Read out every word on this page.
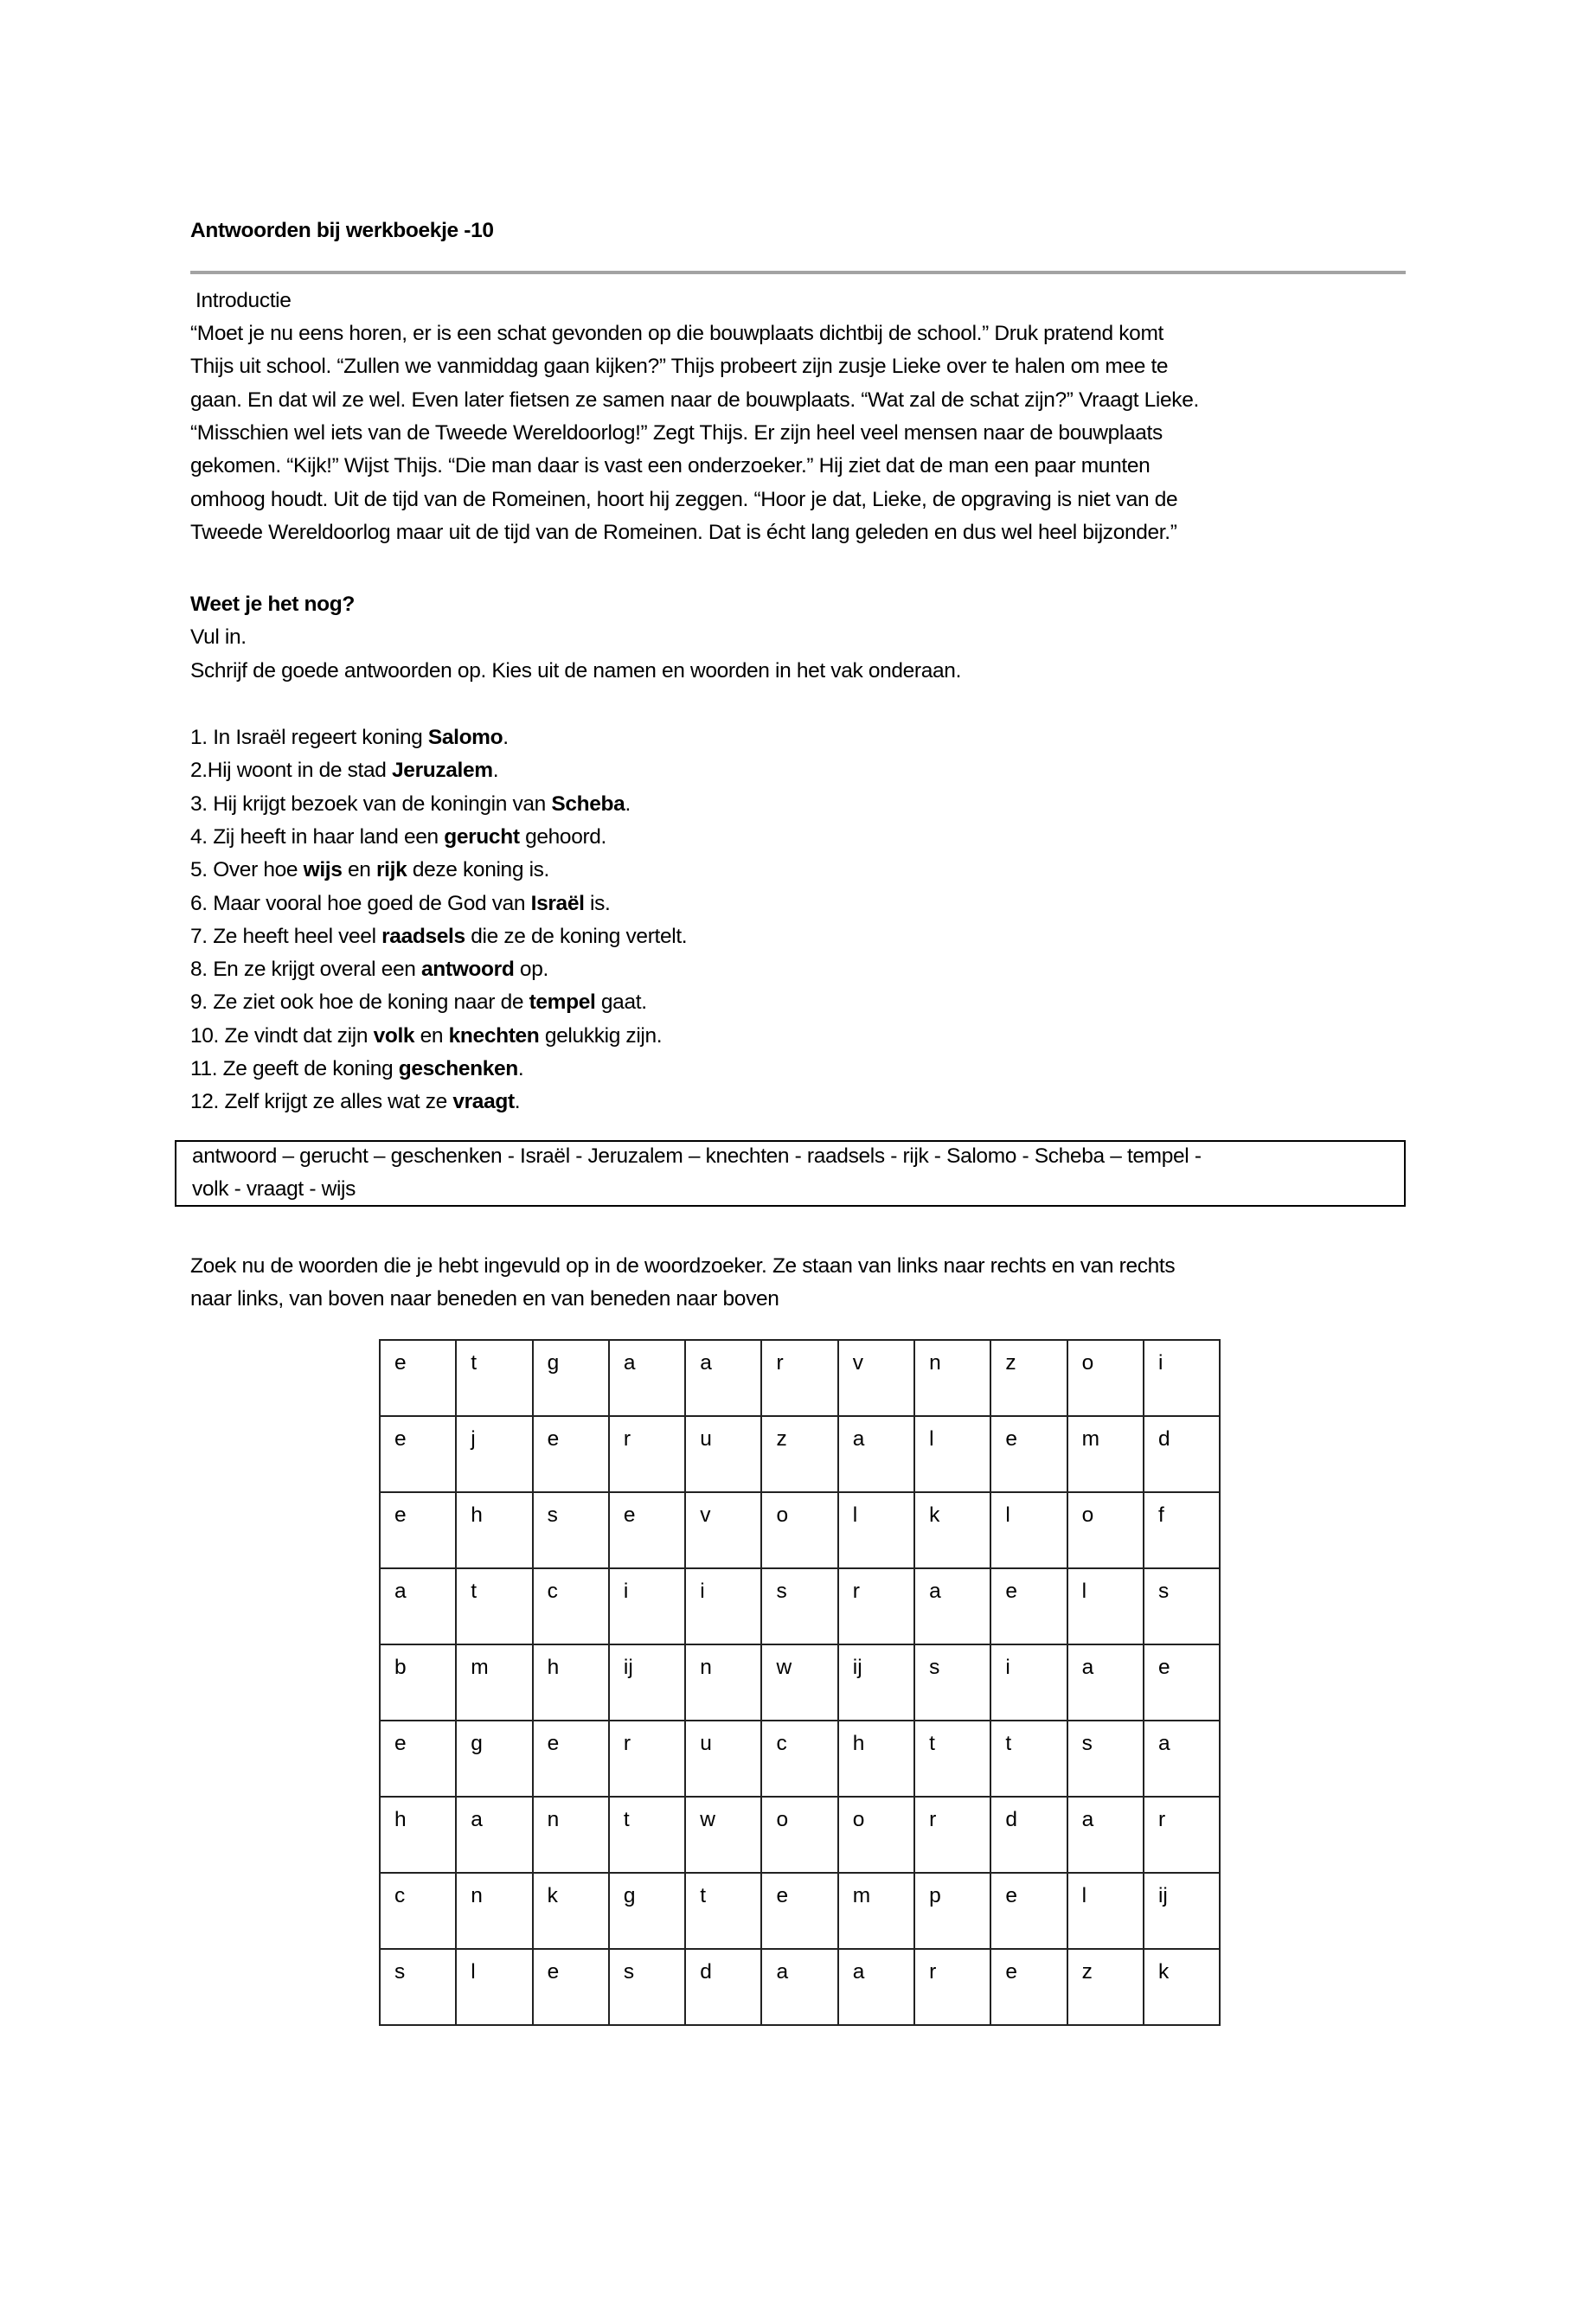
Antwoorden bij werkboekje -10
Introductie
“Moet je nu eens horen, er is een schat gevonden op die bouwplaats dichtbij de school.” Druk pratend komt
Thijs uit school. “Zullen we vanmiddag gaan kijken?” Thijs probeert zijn zusje Lieke over te halen om mee te
gaan. En dat wil ze wel. Even later fietsen ze samen naar de bouwplaats. “Wat zal de schat zijn?” Vraagt Lieke.
“Misschien wel iets van de Tweede Wereldoorlog!” Zegt Thijs. Er zijn heel veel mensen naar de bouwplaats
gekomen. “Kijk!” Wijst Thijs. “Die man daar is vast een onderzoeker.” Hij ziet dat de man een paar munten
omhoog houdt. Uit de tijd van de Romeinen, hoort hij zeggen. “Hoor je dat, Lieke, de opgraving is niet van de
Tweede Wereldoorlog maar uit de tijd van de Romeinen. Dat is écht lang geleden en dus wel heel bijzonder.”
Weet je het nog?
Vul in.
Schrijf de goede antwoorden op. Kies uit de namen en woorden in het vak onderaan.
1. In Israël regeert koning Salomo.
2.Hij woont in de stad Jeruzalem.
3. Hij krijgt bezoek van de koningin van Scheba.
4. Zij heeft in haar land een gerucht gehoord.
5. Over hoe wijs en rijk deze koning is.
6. Maar vooral hoe goed de God van Israël is.
7. Ze heeft heel veel raadsels die ze de koning vertelt.
8. En ze krijgt overal een antwoord op.
9. Ze ziet ook hoe de koning naar de tempel gaat.
10. Ze vindt dat zijn volk en knechten gelukkig zijn.
11. Ze geeft de koning geschenken.
12. Zelf krijgt ze alles wat ze vraagt.
antwoord – gerucht – geschenken - Israël - Jeruzalem – knechten - raadsels - rijk - Salomo - Scheba – tempel -
volk - vraagt - wijs
Zoek nu de woorden die je hebt ingevuld op in de woordzoeker. Ze staan van links naar rechts en van rechts
naar links, van boven naar beneden en van beneden naar boven
e	t	g	a	a	r	v	n	z	o	i

e	j	e	r	u	z	a	l	e	m	d

e	h	s	e	v	o	l	k	l	o	f

a	t	c	i	i	s	r	a	e	l	s

b	m	h	ij	n	w	ij	s	i	a	e

e	g	e	r	u	c	h	t	t	s	a

h	a	n	t	w	o	o	r	d	a	r

c	n	k	g	t	e	m	p	e	l	ij

s	l	e	s	d	a	a	r	e	z	k
